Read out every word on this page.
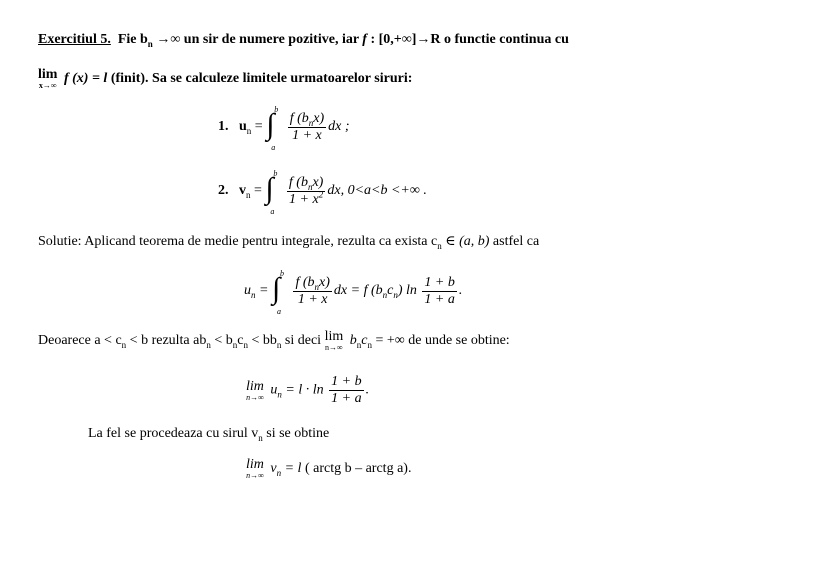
Exercitiul 5. Fie $b_n$ →∞ un sir de numere pozitive, iar f : [0,+∞]→R o functie continua cu
lim
x→∞ f (x) = l (finit). Sa se calculeze limitele urmatoarelor siruri:
1. $u_n$ = ∫ b
a

$\frac{f (b_nx)}{1 + x}$ dx ;
2. $v_n$ = ∫ b
a

$\frac{f (b_nx)}{1 + x^2}$ dx, 0<a<b <+∞ .
Solutie: Aplicand teorema de medie pentru integrale, rezulta ca exista $c_n$ ∈ (a, b) astfel ca
$u_n$ = ∫ b
a

$\frac{f (b_nx)}{1 + x}$ dx = f $(b_nc_n)$ $\ln \frac{1 + b}{1 + a}$ .
Deoarece $a < c_n < b$ rezulta $ab_n < b_nc_n < bb_n$ si deci lim
n→∞ $b_nc_n$ = +∞ de unde se obtine:
lim
n→∞ $u_n = l \cdot \ln \frac{1 + b}{1 + a}$ .
La fel se procedeaza cu sirul $v_n$ si se obtine
lim
n→∞ $v_n = l$ ( arctg b – arctg a).
